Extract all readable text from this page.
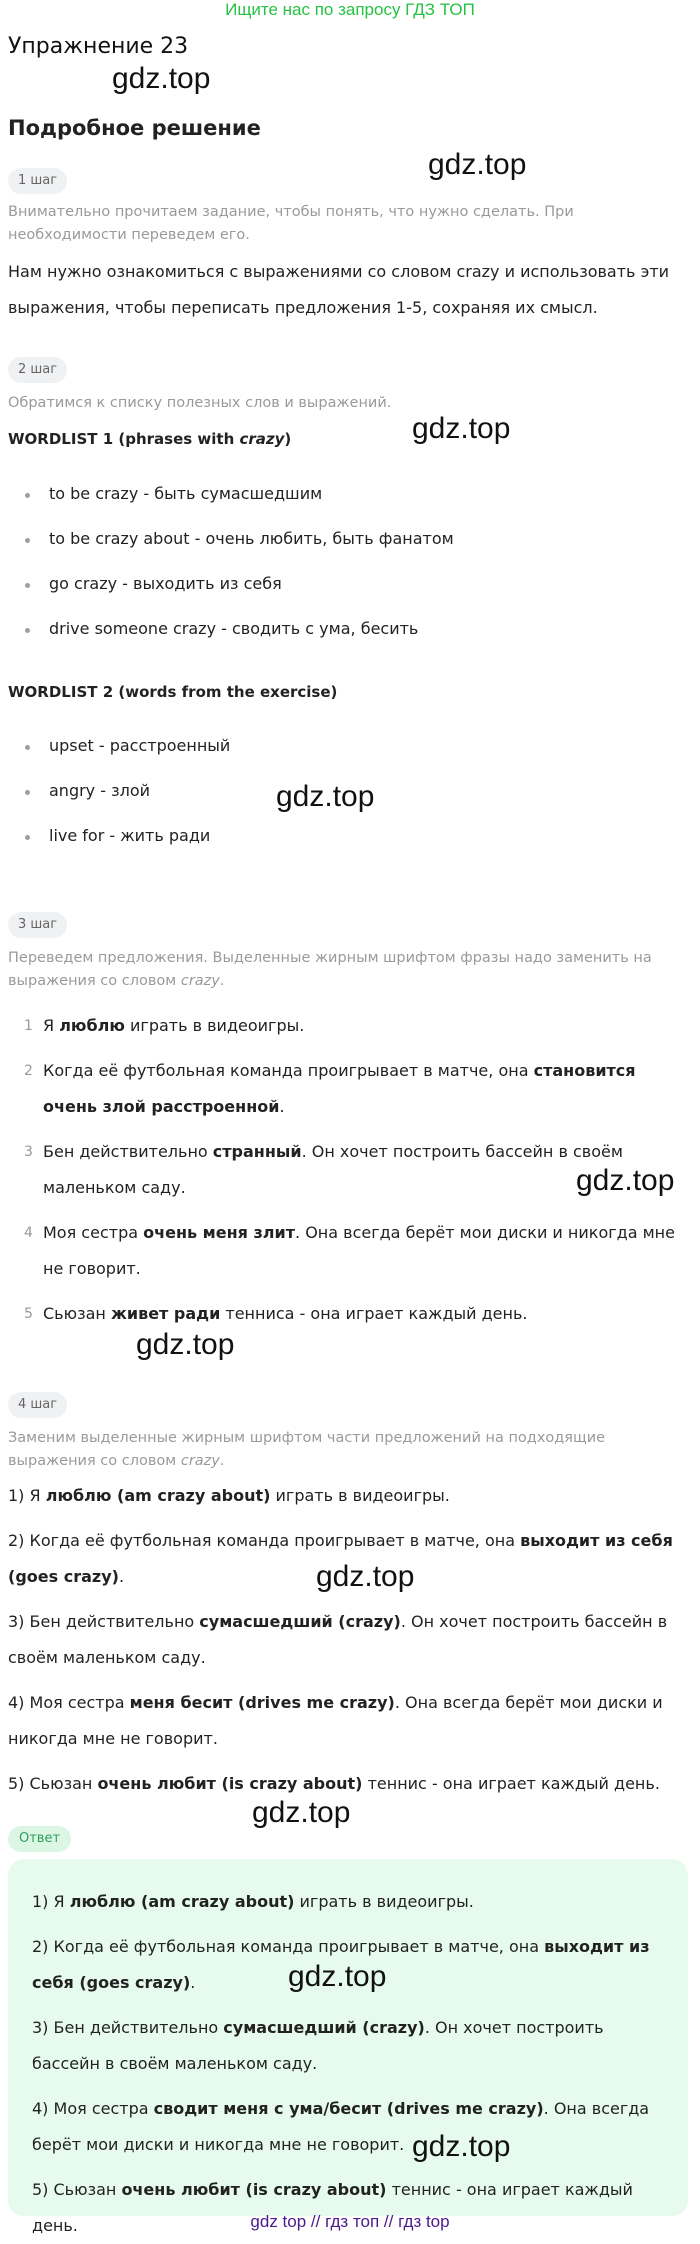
Ищите нас по запросу ГДЗ ТОП
Упражнение 23
Подробное решение
gdz.top
gdz.top
gdz.top
gdz.top
gdz.top
gdz.top
gdz.top
gdz.top
1 шаг
Внимательно прочитаем задание, чтобы понять, что нужно сделать. При необходимости переведем его.
Нам нужно ознакомиться с выражениями со словом crazy и использовать эти выражения, чтобы переписать предложения 1-5, сохраняя их смысл.
2 шаг
Обратимся к списку полезных слов и выражений.
WORDLIST 1 (phrases with crazy)
to be crazy - быть сумасшедшим
to be crazy about - очень любить, быть фанатом
go crazy - выходить из себя
drive someone crazy - сводить с ума, бесить
WORDLIST 2 (words from the exercise)
upset - расстроенный
angry - злой
live for - жить ради
3 шаг
Переведем предложения. Выделенные жирным шрифтом фразы надо заменить на выражения со словом crazy.
1 Я люблю играть в видеоигры.
2 Когда её футбольная команда проигрывает в матче, она становится очень злой расстроенной.
3 Бен действительно странный. Он хочет построить бассейн в своём маленьком саду.
4 Моя сестра очень меня злит. Она всегда берёт мои диски и никогда мне не говорит.
5 Сьюзан живет ради тенниса - она играет каждый день.
4 шаг
Заменим выделенные жирным шрифтом части предложений на подходящие выражения со словом crazy.
1) Я люблю (am crazy about) играть в видеоигры.
2) Когда её футбольная команда проигрывает в матче, она выходит из себя (goes crazy).
3) Бен действительно сумасшедший (crazy). Он хочет построить бассейн в своём маленьком саду.
4) Моя сестра меня бесит (drives me crazy). Она всегда берёт мои диски и никогда мне не говорит.
5) Сьюзан очень любит (is crazy about) теннис - она играет каждый день.
Ответ
1) Я люблю (am crazy about) играть в видеоигры.
2) Когда её футбольная команда проигрывает в матче, она выходит из себя (goes crazy).
3) Бен действительно сумасшедший (crazy). Он хочет построить бассейн в своём маленьком саду.
4) Моя сестра сводит меня с ума/бесит (drives me crazy). Она всегда берёт мои диски и никогда мне не говорит.
5) Сьюзан очень любит (is crazy about) теннис - она играет каждый день.
gdz.top
gdz.top
gdz top // гдз топ // гдз top
